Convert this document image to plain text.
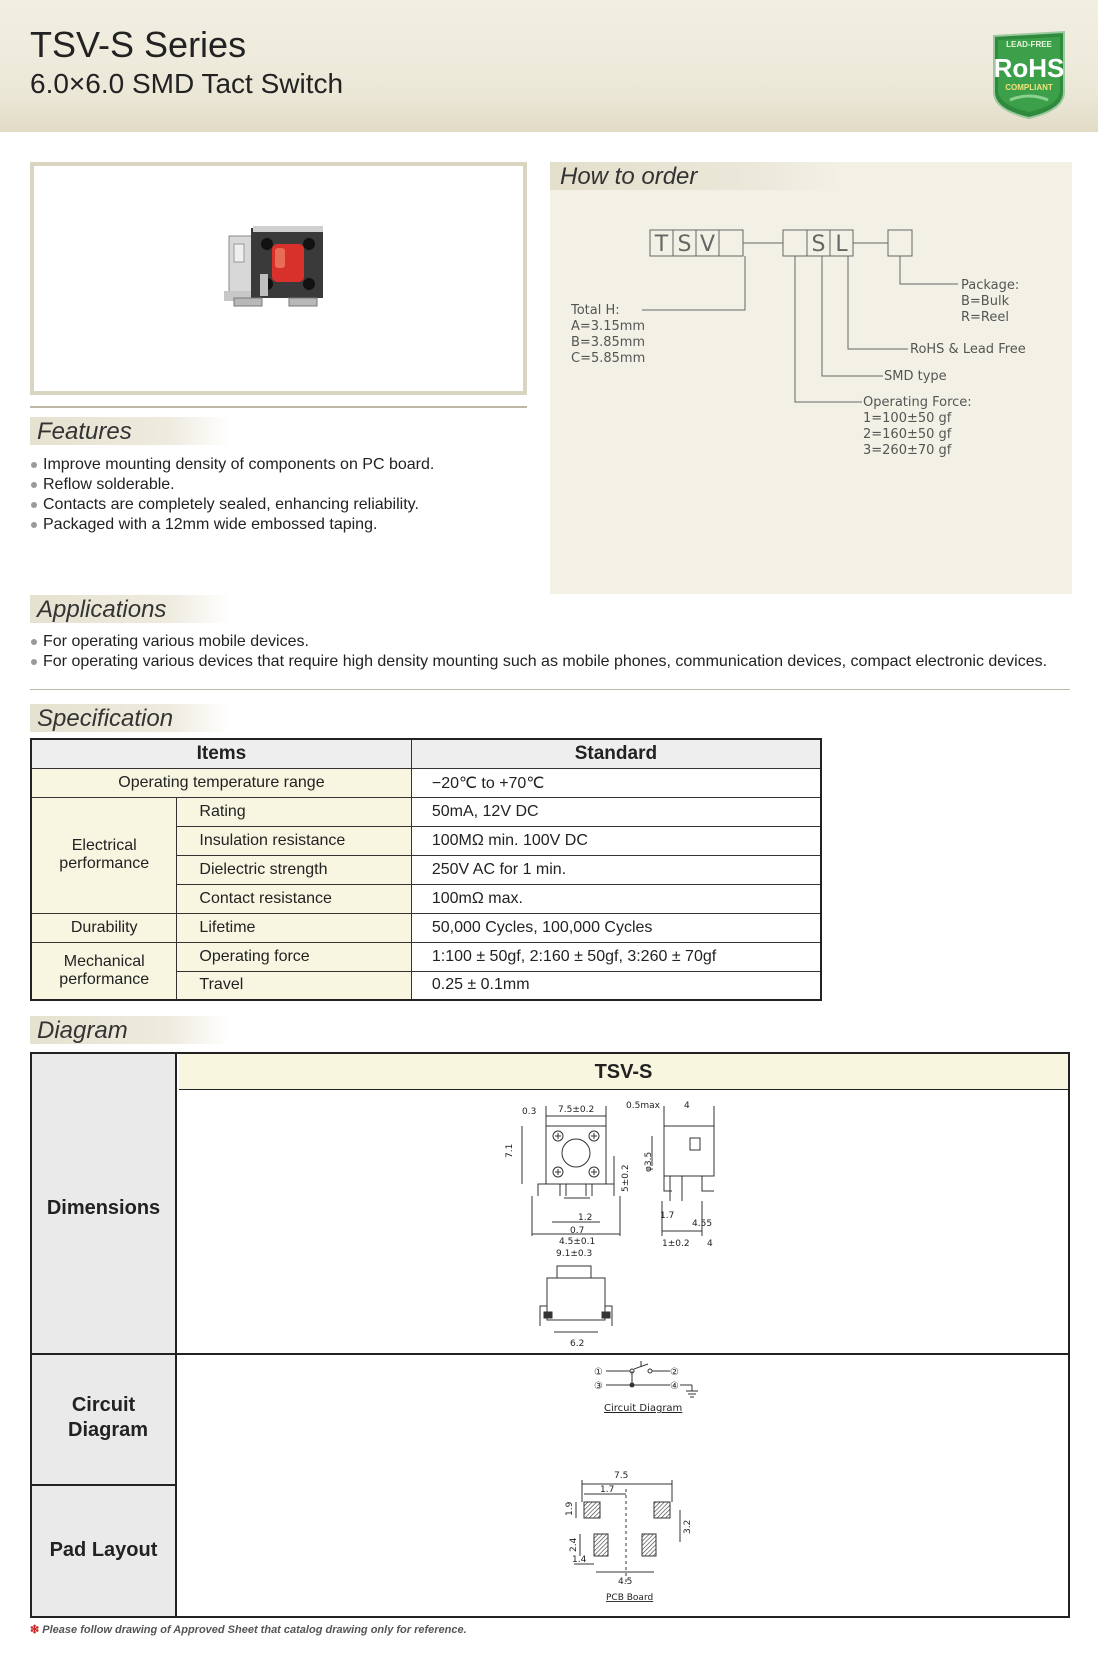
TSV-S Series
6.0×6.0 SMD Tact Switch
LEAD-FREE
RoHS
COMPLIANT
How to order
T S V	S L
Total H:
A=3.15mm
B=3.85mm
C=5.85mm
Package:
B=Bulk
R=Reel
RoHS & Lead Free
SMD type
Operating Force:
1=100±50 gf
2=160±50 gf
3=260±70 gf
Features
Improve mounting density of components on PC board.
Reflow solderable.
Contacts are completely sealed, enhancing reliability.
Packaged with a 12mm wide embossed taping.
Applications
For operating various mobile devices.
For operating various devices that require high density mounting such as mobile phones, communication devices, compact electronic devices.
Specification
Items		Standard
Operating temperature range		−20℃ to +70℃
Electrical performance	Rating	50mA, 12V DC
	Insulation resistance	100MΩ min. 100V DC
	Dielectric strength	250V AC for 1 min.
	Contact resistance	100mΩ max.
Durability	Lifetime	50,000 Cycles, 100,000 Cycles
Mechanical performance	Operating force	1:100 ± 50gf, 2:160 ± 50gf, 3:260 ± 70gf
	Travel	0.25 ± 0.1mm
Diagram
Dimensions
Circuit Diagram
Pad Layout
TSV-S
0.3 7.5±0.2
7.1
1.2
0.7
4.5±0.1
9.1±0.3
5±0.2
0.5max	4
φ3.5
1.7
4.55
1±0.2 4
6.2
①	②
③	④
Circuit Diagram
7.5
1.7
1.9
2.4
3.2
1.4
4.5
PCB Board
❇ Please follow drawing of Approved Sheet that catalog drawing only for reference.
